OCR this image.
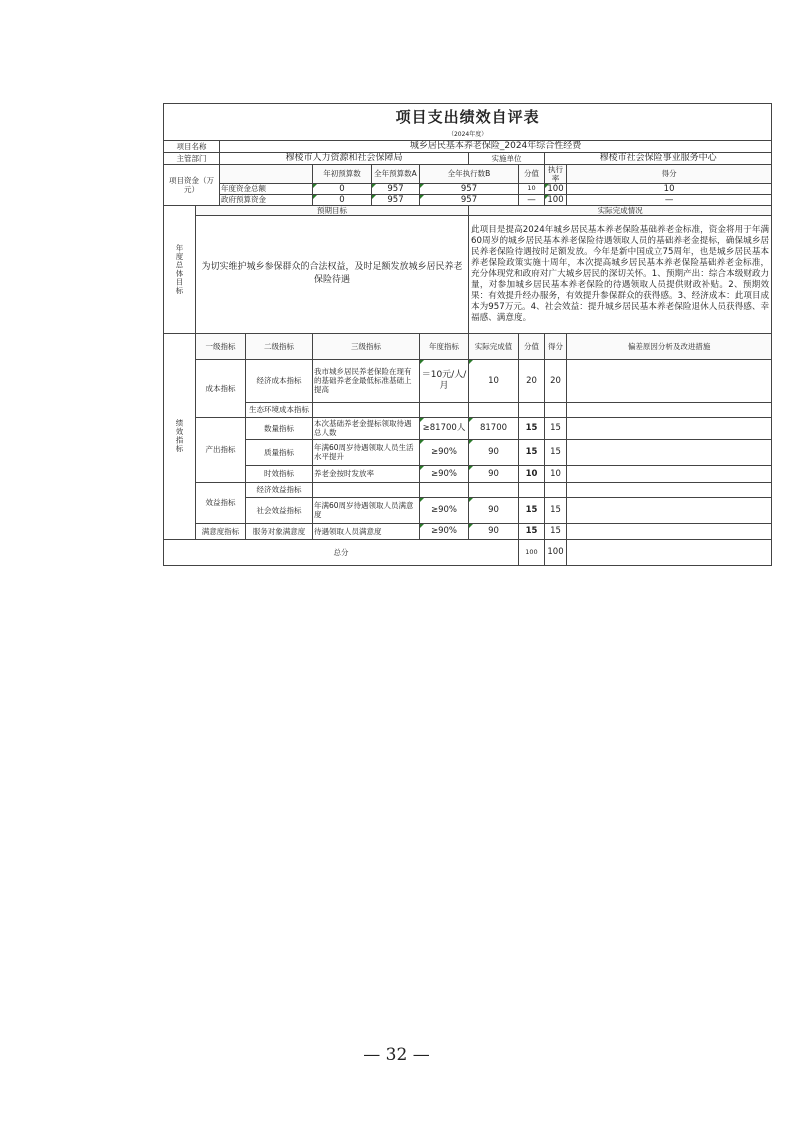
项目支出绩效自评表										
（2024年度）										
项目名称		城乡居民基本养老保险_2024年综合性经费								
主管部门		穆棱市人力资源和社会保障局					实施单位		穆棱市社会保险事业服务中心	
项目资金（万元）				年初预算数	全年预算数A	全年执行数B		分值	执行率	得分
		年度资金总额		0	957	957		10	100	10
		政府预算资金		0	957	957		—	100	—

年度总体目标	预期目标						实际完成情况			
	为切实维护城乡参保群众的合法权益，及时足额发放城乡居民养老保险待遇						此项目是提高2024年城乡居民基本养老保险基础养老金标准，资金将用于年满60周岁的城乡居民基本养老保险待遇领取人员的基础养老金提标，确保城乡居民养老保险待遇按时足额发放。今年是新中国成立75周年，也是城乡居民基本养老保险政策实施十周年，本次提高城乡居民基本养老保险基础养老金标准，充分体现党和政府对广大城乡居民的深切关怀。1、预期产出：综合本级财政力量，对参加城乡居民基本养老保险的待遇领取人员提供财政补贴。2、预期效果：有效提升经办服务，有效提升参保群众的获得感。3、经济成本：此项目成本为957万元。4、社会效益：提升城乡居民基本养老保险退休人员获得感、幸福感、满意度。			

绩效指标	一级指标		二级指标	三级指标		年度指标	实际完成值	分值	得分	偏差原因分析及改进措施
	成本指标		经济成本指标	我市城乡居民养老保险在现有的基础养老金最低标准基础上提高		＝10元/人/月	10	20	20	
			生态环境成本指标							
	产出指标		数量指标	本次基础养老金提标领取待遇总人数		≥81700人	81700	15	15	
			质量指标	年满60周岁待遇领取人员生活水平提升		≥90%	90	15	15	
			时效指标	养老金按时发放率		≥90%	90	10	10	
	效益指标		经济效益指标							
			社会效益指标	年满60周岁待遇领取人员满意度		≥90%	90	15	15	
	满意度指标		服务对象满意度	待遇领取人员满意度		≥90%	90	15	15	
总分								100	100	
— 32 —
